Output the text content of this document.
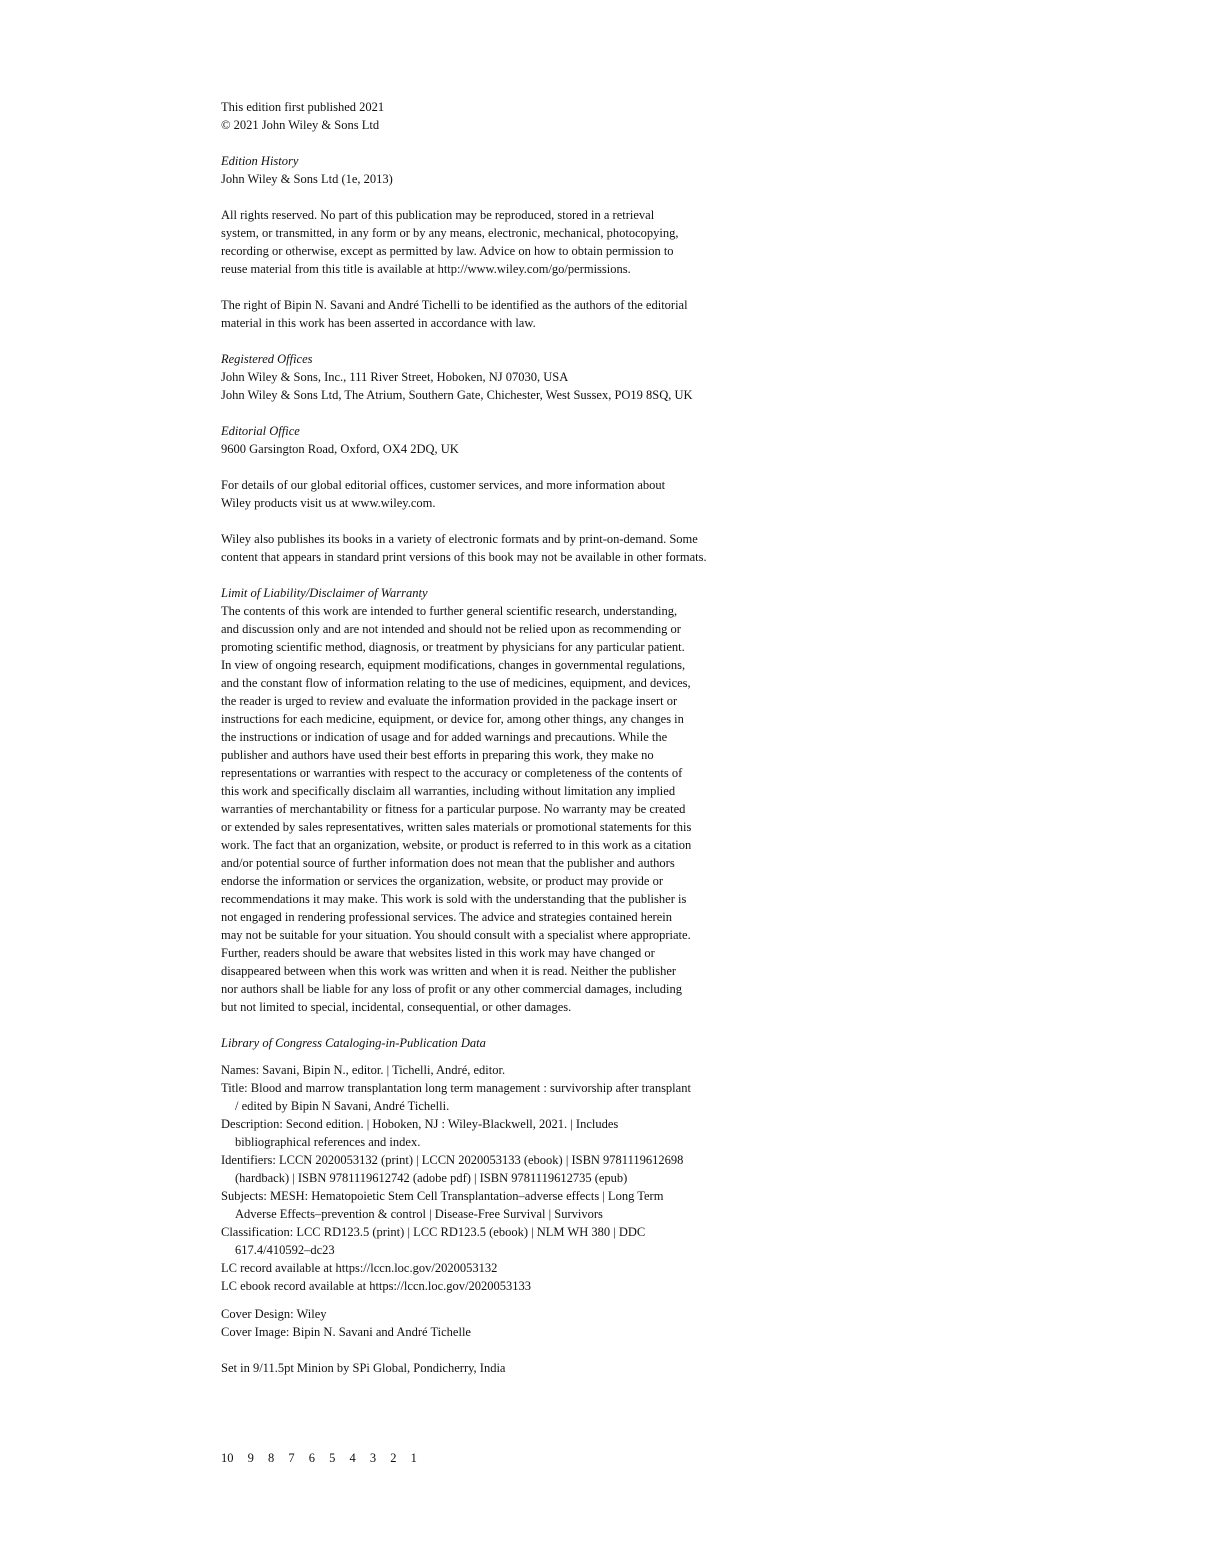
This edition first published 2021
© 2021 John Wiley & Sons Ltd
Edition History
John Wiley & Sons Ltd (1e, 2013)
All rights reserved. No part of this publication may be reproduced, stored in a retrieval
system, or transmitted, in any form or by any means, electronic, mechanical, photocopying,
recording or otherwise, except as permitted by law. Advice on how to obtain permission to
reuse material from this title is available at http://www.wiley.com/go/permissions.
The right of Bipin N. Savani and André Tichelli to be identified as the authors of the editorial
material in this work has been asserted in accordance with law.
Registered Offices
John Wiley & Sons, Inc., 111 River Street, Hoboken, NJ 07030, USA
John Wiley & Sons Ltd, The Atrium, Southern Gate, Chichester, West Sussex, PO19 8SQ, UK
Editorial Office
9600 Garsington Road, Oxford, OX4 2DQ, UK
For details of our global editorial offices, customer services, and more information about
Wiley products visit us at www.wiley.com.
Wiley also publishes its books in a variety of electronic formats and by print-on-demand. Some
content that appears in standard print versions of this book may not be available in other formats.
Limit of Liability/Disclaimer of Warranty
The contents of this work are intended to further general scientific research, understanding,
and discussion only and are not intended and should not be relied upon as recommending or
promoting scientific method, diagnosis, or treatment by physicians for any particular patient.
In view of ongoing research, equipment modifications, changes in governmental regulations,
and the constant flow of information relating to the use of medicines, equipment, and devices,
the reader is urged to review and evaluate the information provided in the package insert or
instructions for each medicine, equipment, or device for, among other things, any changes in
the instructions or indication of usage and for added warnings and precautions. While the
publisher and authors have used their best efforts in preparing this work, they make no
representations or warranties with respect to the accuracy or completeness of the contents of
this work and specifically disclaim all warranties, including without limitation any implied
warranties of merchantability or fitness for a particular purpose. No warranty may be created
or extended by sales representatives, written sales materials or promotional statements for this
work. The fact that an organization, website, or product is referred to in this work as a citation
and/or potential source of further information does not mean that the publisher and authors
endorse the information or services the organization, website, or product may provide or
recommendations it may make. This work is sold with the understanding that the publisher is
not engaged in rendering professional services. The advice and strategies contained herein
may not be suitable for your situation. You should consult with a specialist where appropriate.
Further, readers should be aware that websites listed in this work may have changed or
disappeared between when this work was written and when it is read. Neither the publisher
nor authors shall be liable for any loss of profit or any other commercial damages, including
but not limited to special, incidental, consequential, or other damages.
Library of Congress Cataloging-in-Publication Data
Names: Savani, Bipin N., editor. | Tichelli, André, editor.
Title: Blood and marrow transplantation long term management : survivorship after transplant / edited by Bipin N Savani, André Tichelli.
Description: Second edition. | Hoboken, NJ : Wiley-Blackwell, 2021. | Includes bibliographical references and index.
Identifiers: LCCN 2020053132 (print) | LCCN 2020053133 (ebook) | ISBN 9781119612698 (hardback) | ISBN 9781119612742 (adobe pdf) | ISBN 9781119612735 (epub)
Subjects: MESH: Hematopoietic Stem Cell Transplantation–adverse effects | Long Term Adverse Effects–prevention & control | Disease-Free Survival | Survivors
Classification: LCC RD123.5 (print) | LCC RD123.5 (ebook) | NLM WH 380 | DDC 617.4/410592–dc23
LC record available at https://lccn.loc.gov/2020053132
LC ebook record available at https://lccn.loc.gov/2020053133
Cover Design: Wiley
Cover Image: Bipin N. Savani and André Tichelle
Set in 9/11.5pt Minion by SPi Global, Pondicherry, India
10 9 8 7 6 5 4 3 2 1
